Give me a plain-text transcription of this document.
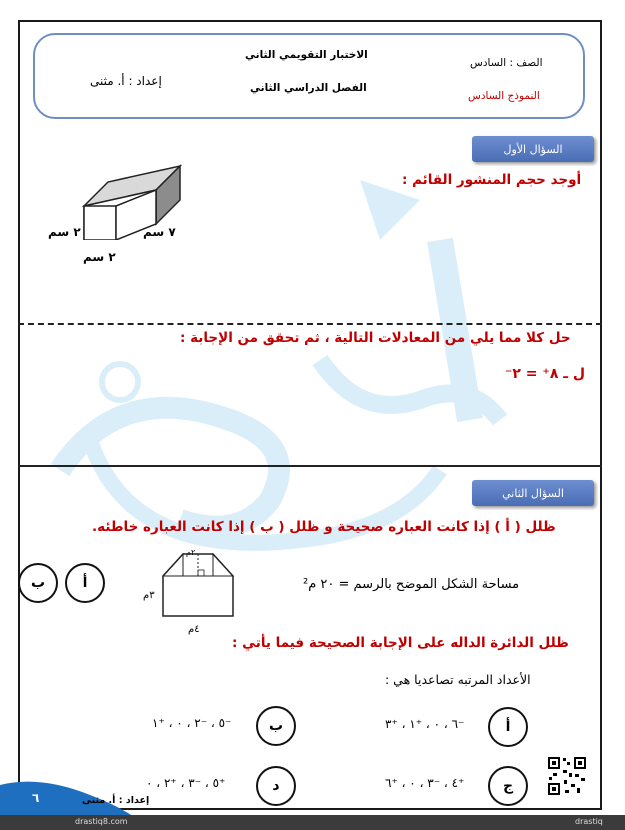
الاختبار التقويمي الثاني
الفصل الدراسي الثاني
الصف : السادس
النموذج السادس
إعداد : أ. مثنى
السؤال الأول
أوجد حجم المنشور القائم :
٧ سم
٢ سم
٢ سم
حل كلا مما يلي من المعادلات التالية ، ثم تحقق من الإجابة :
ل ـ ٨⁺ = ٢⁻
السؤال الثاني
ظلل ( أ ) إذا كانت العباره صحيحة و ظلل ( ب ) إذا كانت العباره خاطئه.
ب	أ
٢م
٣م
٤م
مساحة الشكل الموضح بالرسم = ٢٠ م²
ظلل الدائرة الداله على الإجابة الصحيحة فيما يأتي :
الأعداد المرتبه تصاعديا هي :
أ
⁻٦ ، ٠ ، ⁺١ ، ⁺٣
ب
⁻٥ ، ⁻٢ ، ٠ ، ⁺١
ج
⁺٤ ، ⁻٣ ، ٠ ، ⁺٦
د
⁺٥ ، ⁻٣ ، ⁺٢ ، ٠
٦	إعداد : أ. مثنى
drastiq8.com	drastiq
